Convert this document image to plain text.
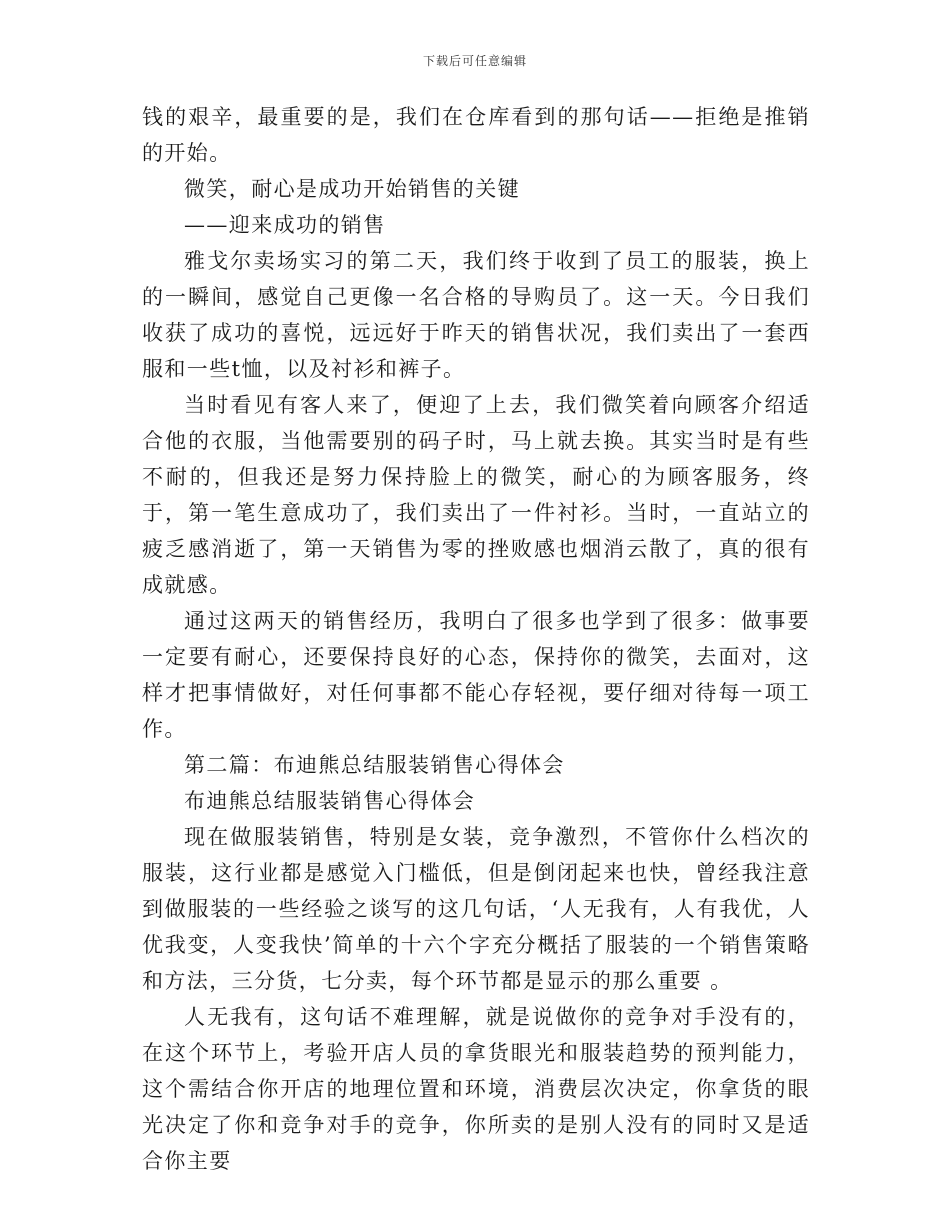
下载后可任意编辑

钱的艰辛，最重要的是，我们在仓库看到的那句话——拒绝是推销的开始。

微笑，耐心是成功开始销售的关键

——迎来成功的销售

雅戈尔卖场实习的第二天，我们终于收到了员工的服装，换上的一瞬间，感觉自己更像一名合格的导购员了。这一天。今日我们收获了成功的喜悦，远远好于昨天的销售状况，我们卖出了一套西服和一些t恤，以及衬衫和裤子。

当时看见有客人来了，便迎了上去，我们微笑着向顾客介绍适合他的衣服，当他需要别的码子时，马上就去换。其实当时是有些不耐的，但我还是努力保持脸上的微笑，耐心的为顾客服务，终于，第一笔生意成功了，我们卖出了一件衬衫。当时，一直站立的疲乏感消逝了，第一天销售为零的挫败感也烟消云散了，真的很有成就感。

通过这两天的销售经历，我明白了很多也学到了很多：做事要一定要有耐心，还要保持良好的心态，保持你的微笑，去面对，这样才把事情做好，对任何事都不能心存轻视，要仔细对待每一项工作。

第二篇：布迪熊总结服装销售心得体会

布迪熊总结服装销售心得体会

现在做服装销售，特别是女装，竞争激烈，不管你什么档次的服装，这行业都是感觉入门槛低，但是倒闭起来也快，曾经我注意到做服装的一些经验之谈写的这几句话，‘人无我有，人有我优，人优我变，人变我快’简单的十六个字充分概括了服装的一个销售策略和方法，三分货，七分卖，每个环节都是显示的那么重要 。

人无我有，这句话不难理解，就是说做你的竞争对手没有的，在这个环节上，考验开店人员的拿货眼光和服装趋势的预判能力，这个需结合你开店的地理位置和环境，消费层次决定，你拿货的眼光决定了你和竞争对手的竞争，你所卖的是别人没有的同时又是适合你主要
